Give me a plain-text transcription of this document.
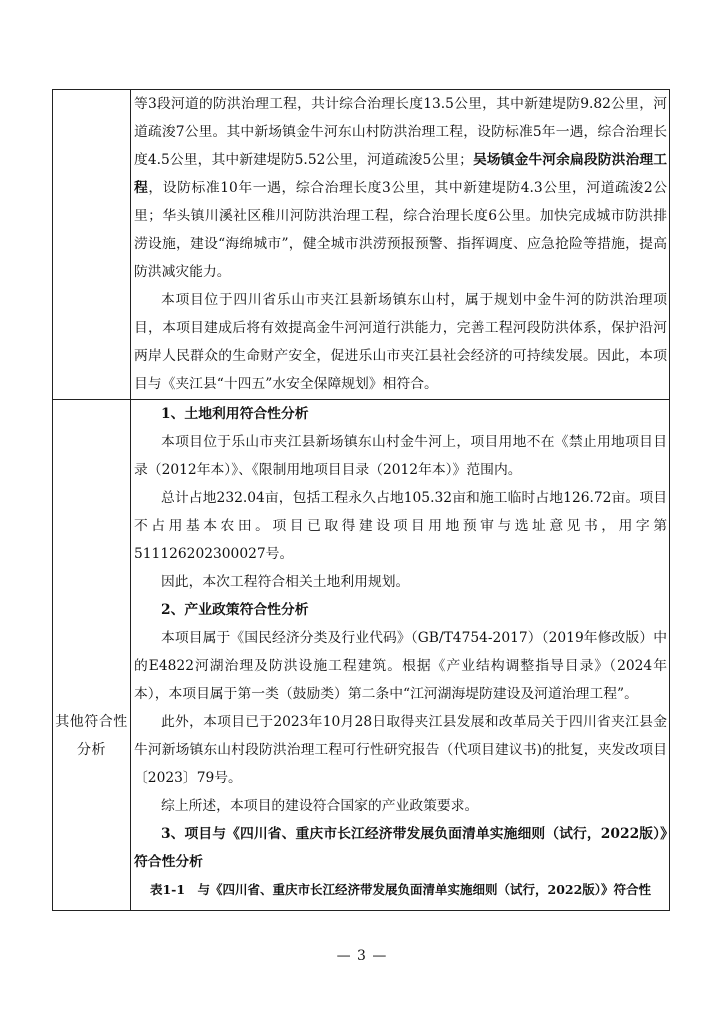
等3段河道的防洪治理工程，共计综合治理长度13.5公里，其中新建堤防9.82公里，河道疏浚7公里。其中新场镇金牛河东山村防洪治理工程，设防标准5年一遇，综合治理长度4.5公里，其中新建堤防5.52公里，河道疏浚5公里；吴场镇金牛河余扁段防洪治理工程，设防标准10年一遇，综合治理长度3公里，其中新建堤防4.3公里，河道疏浚2公里；华头镇川溪社区稚川河防洪治理工程，综合治理长度6公里。加快完成城市防洪排涝设施，建设“海绵城市”，健全城市洪涝预报预警、指挥调度、应急抢险等措施，提高防洪减灾能力。

本项目位于四川省乐山市夹江县新场镇东山村，属于规划中金牛河的防洪治理项目，本项目建成后将有效提高金牛河河道行洪能力，完善工程河段防洪体系，保护沿河两岸人民群众的生命财产安全，促进乐山市夹江县社会经济的可持续发展。因此，本项目与《夹江县“十四五”水安全保障规划》相符合。

其他符合性
分析

1、土地利用符合性分析

本项目位于乐山市夹江县新场镇东山村金牛河上，项目用地不在《禁止用地项目目录（2012年本）》、《限制用地项目目录（2012年本）》范围内。

总计占地232.04亩，包括工程永久占地105.32亩和施工临时占地126.72亩。项目不占用基本农田。项目已取得建设项目用地预审与选址意见书，用字第511126202300027号。

因此，本次工程符合相关土地利用规划。

2、产业政策符合性分析

本项目属于《国民经济分类及行业代码》（GB/T4754-2017）（2019年修改版）中的E4822河湖治理及防洪设施工程建筑。根据《产业结构调整指导目录》（2024年本），本项目属于第一类（鼓励类）第二条中“江河湖海堤防建设及河道治理工程”。

此外，本项目已于2023年10月28日取得夹江县发展和改革局关于四川省夹江县金牛河新场镇东山村段防洪治理工程可行性研究报告（代项目建议书)的批复，夹发改项目〔2023〕79号。

综上所述，本项目的建设符合国家的产业政策要求。

3、项目与《四川省、重庆市长江经济带发展负面清单实施细则（试行，2022版）》符合性分析

表1-1　与《四川省、重庆市长江经济带发展负面清单实施细则（试行，2022版）》符合性

— 3 —
